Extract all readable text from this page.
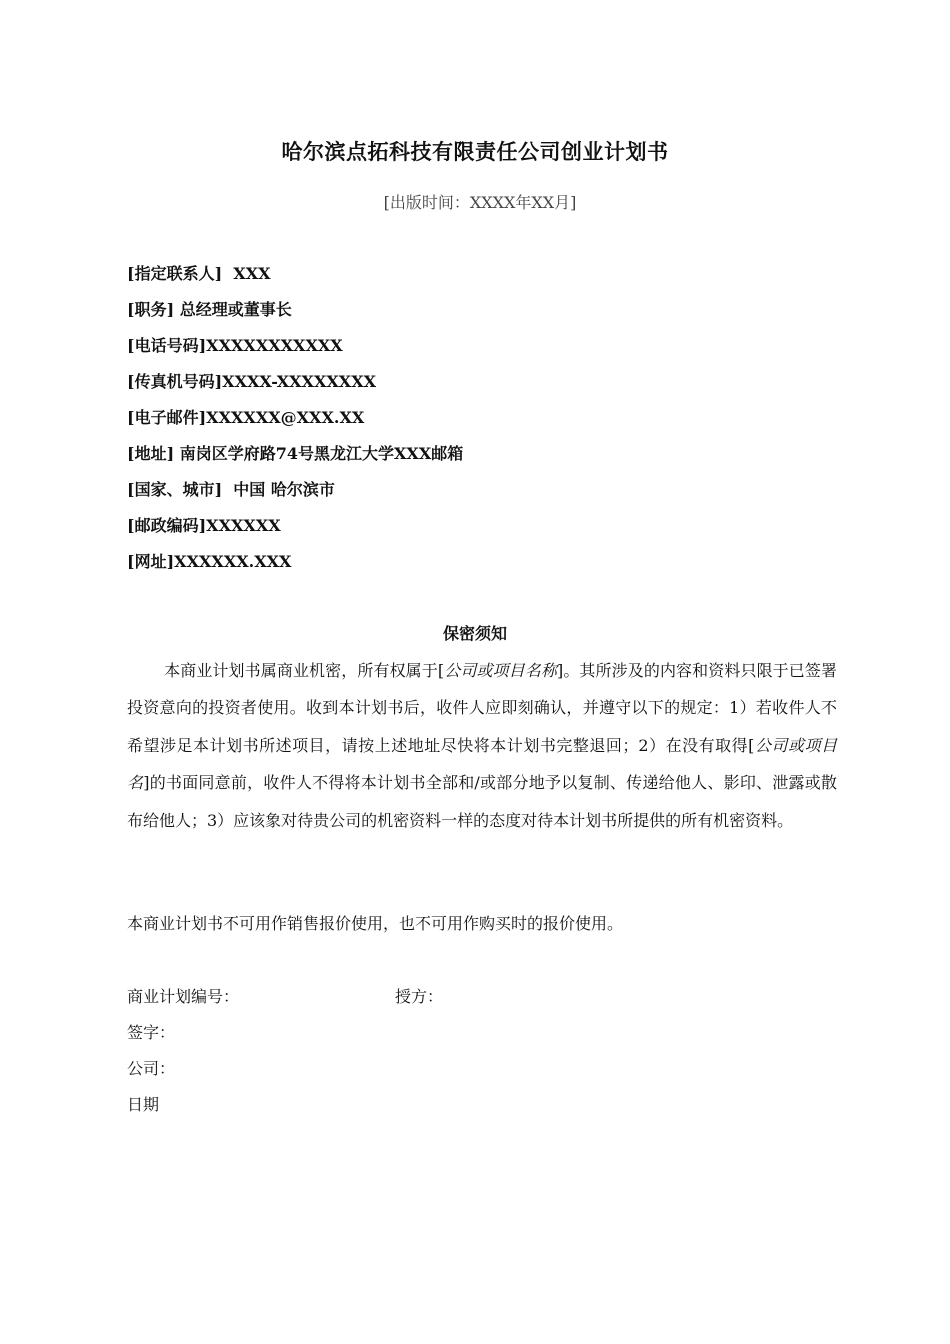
哈尔滨点拓科技有限责任公司创业计划书
[出版时间：XXXX年XX月]
[指定联系人]  XXX
[职务] 总经理或董事长
[电话号码]XXXXXXXXXXX
[传真机号码]XXXX-XXXXXXXX
[电子邮件]XXXXXX@XXX.XX
[地址] 南岗区学府路74号黑龙江大学XXX邮箱
[国家、城市]  中国 哈尔滨市
[邮政编码]XXXXXX
[网址]XXXXXX.XXX
保密须知
本商业计划书属商业机密，所有权属于[公司或项目名称]。其所涉及的内容和资料只限于已签署投资意向的投资者使用。收到本计划书后，收件人应即刻确认，并遵守以下的规定：1）若收件人不希望涉足本计划书所述项目，请按上述地址尽快将本计划书完整退回；2）在没有取得[公司或项目名]的书面同意前，收件人不得将本计划书全部和/或部分地予以复制、传递给他人、影印、泄露或散布给他人；3）应该象对待贵公司的机密资料一样的态度对待本计划书所提供的所有机密资料。
本商业计划书不可用作销售报价使用，也不可用作购买时的报价使用。
商业计划编号：	授方：
签字：
公司：
日期
